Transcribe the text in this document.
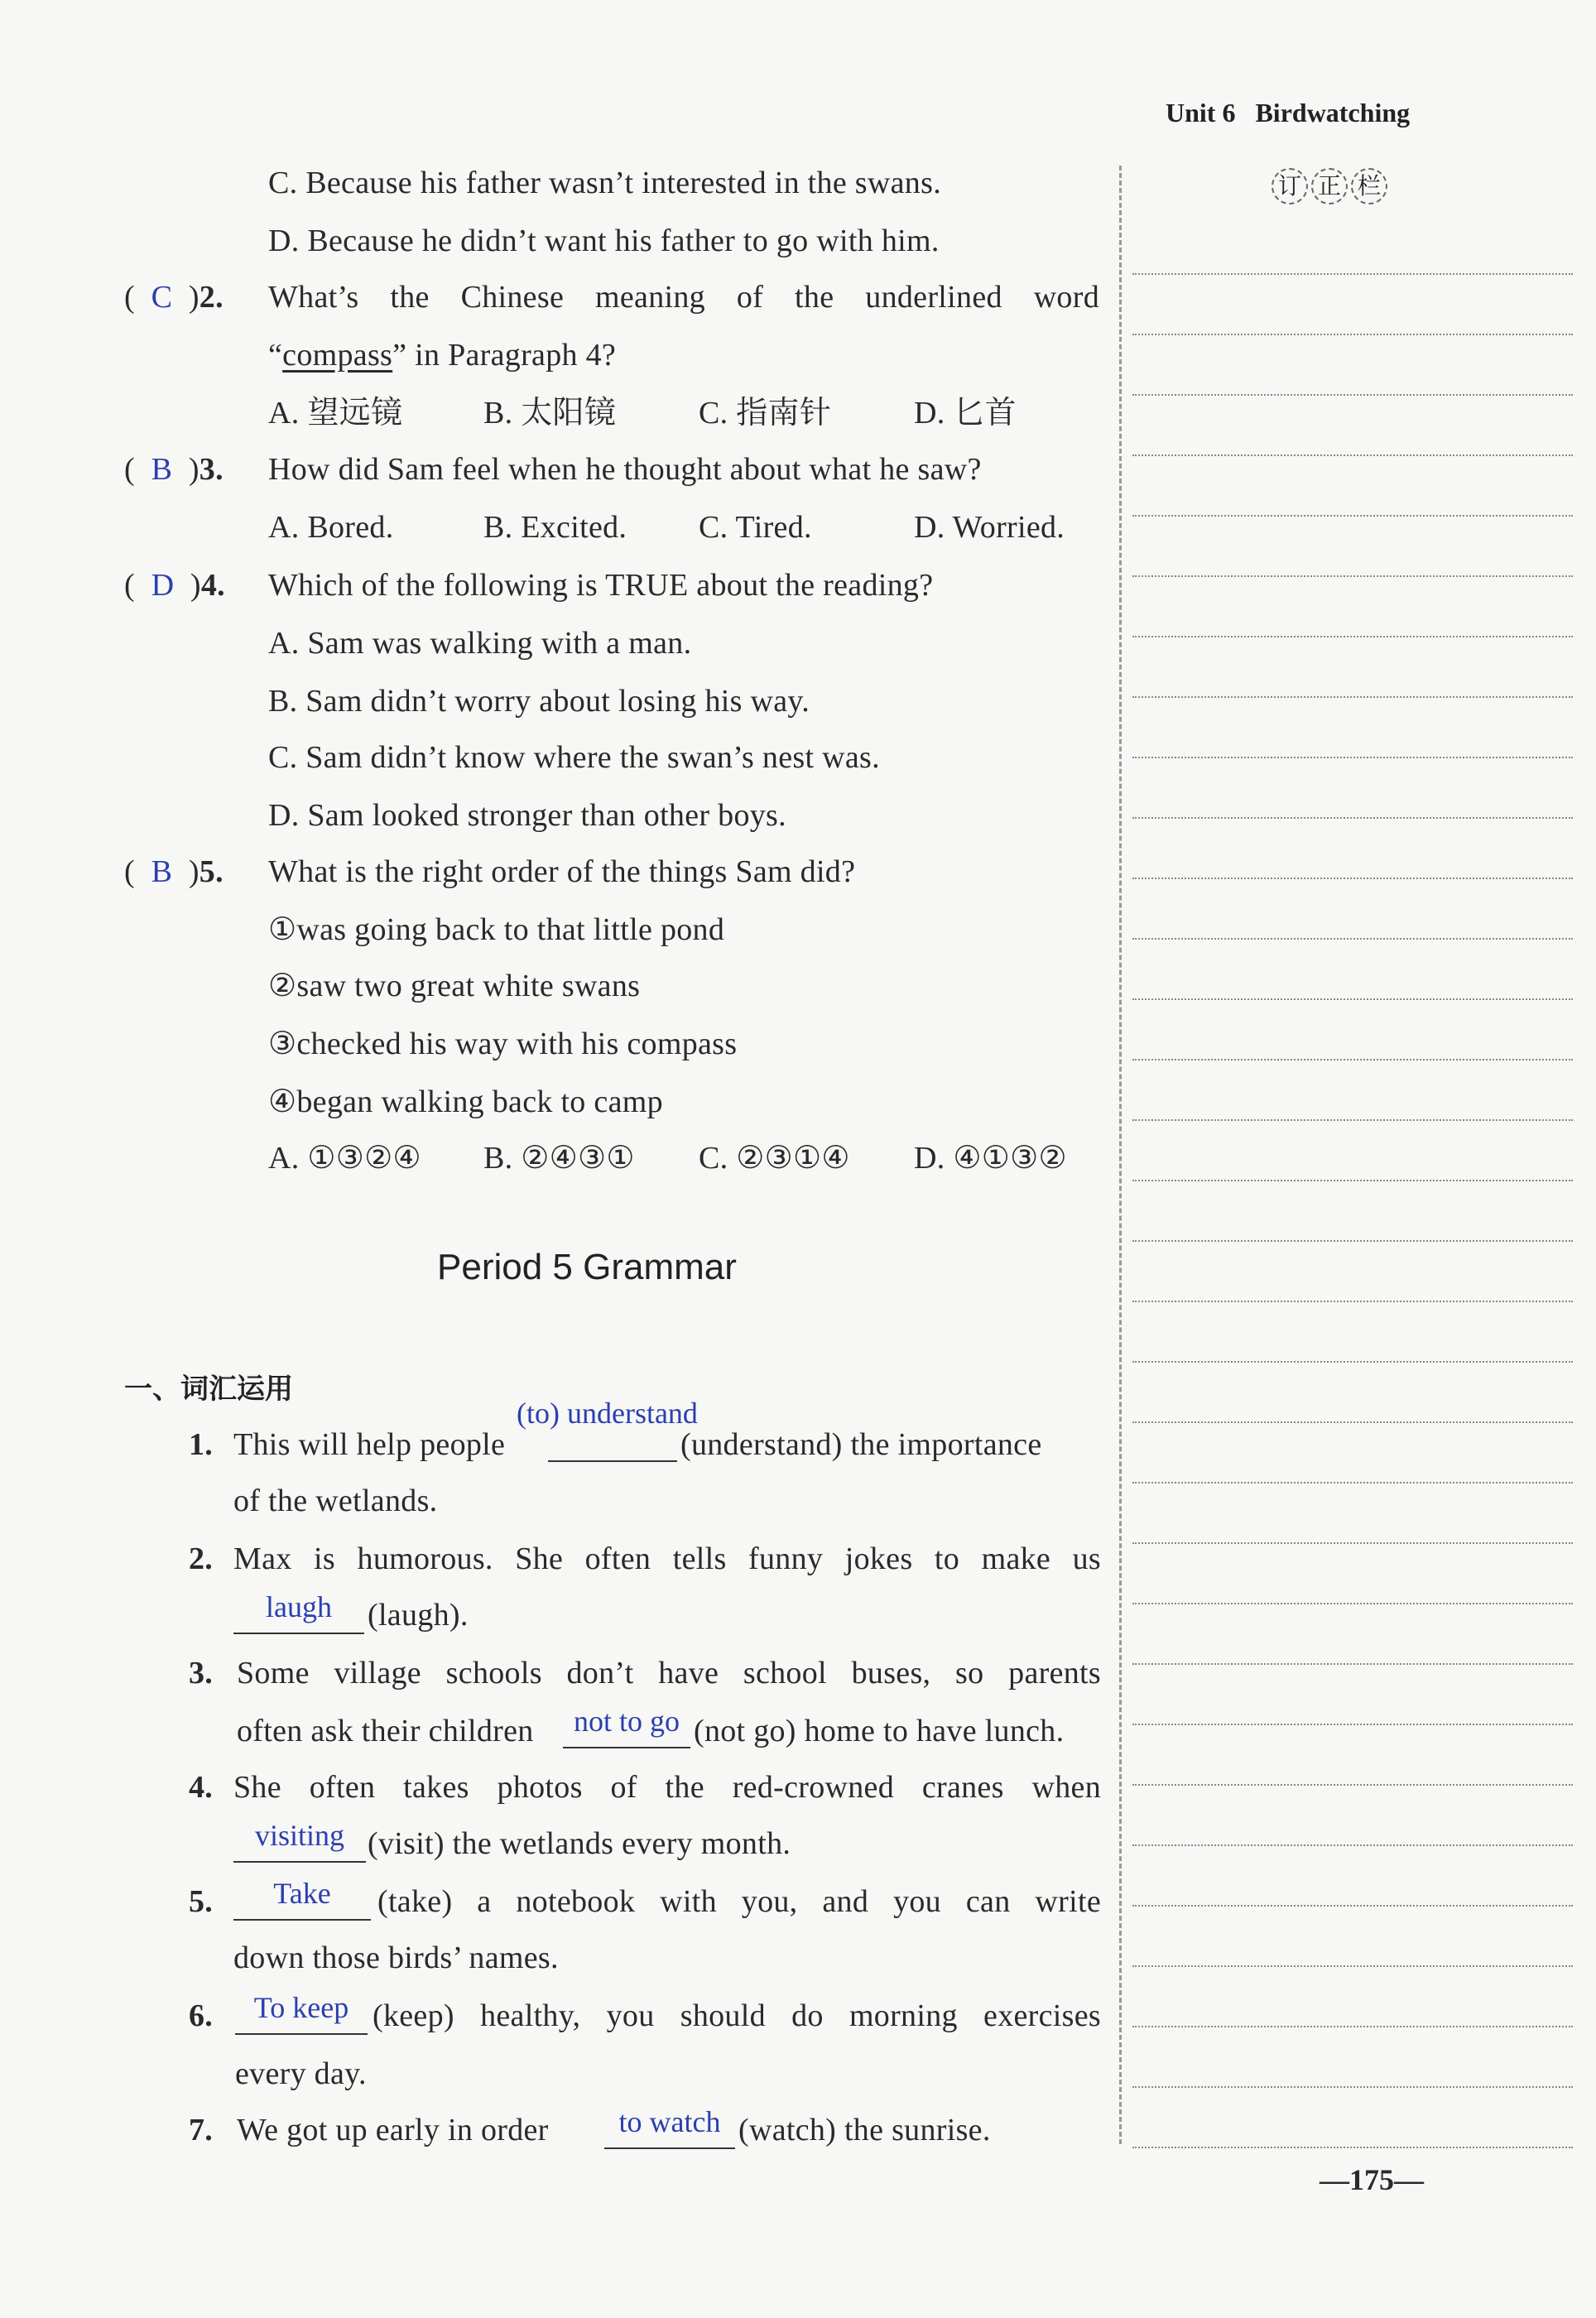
Unit 6 Birdwatching
订 正 栏
C. Because his father wasn’t interested in the swans.
D. Because he didn’t want his father to go with him.
(  C  )2. What’s the Chinese meaning of the underlined word
“compass” in Paragraph 4?
A. 望远镜	B. 太阳镜	C. 指南针	D. 匕首
(  B  )3. How did Sam feel when he thought about what he saw?
A. Bored.	B. Excited. C. Tired.	D. Worried.
(  D  )4. Which of the following is TRUE about the reading?
A. Sam was walking with a man.
B. Sam didn’t worry about losing his way.
C. Sam didn’t know where the swan’s nest was.
D. Sam looked stronger than other boys.
(  B  )5. What is the right order of the things Sam did?
①was going back to that little pond
②saw two great white swans
③checked his way with his compass
④began walking back to camp
A. ①③②④ B. ②④③① C. ②③①④ D. ④①③②
Period 5 Grammar
一、词汇运用
1. This will help people
(to) understand
(understand) the importance
of the wetlands.
2. Max is humorous. She often tells funny jokes to make us
laugh	(laugh).
3. Some village schools don’t have school buses, so parents
often ask their children	not to go (not go) home to have lunch.
4. She often takes photos of the red-crowned cranes when
visiting (visit) the wetlands every month.
5.	Take	(take) a notebook with you, and you can write
down those birds’ names.
6.	To keep (keep) healthy, you should do morning exercises
every day.
7. We got up early in order	to watch (watch) the sunrise.
—175—
